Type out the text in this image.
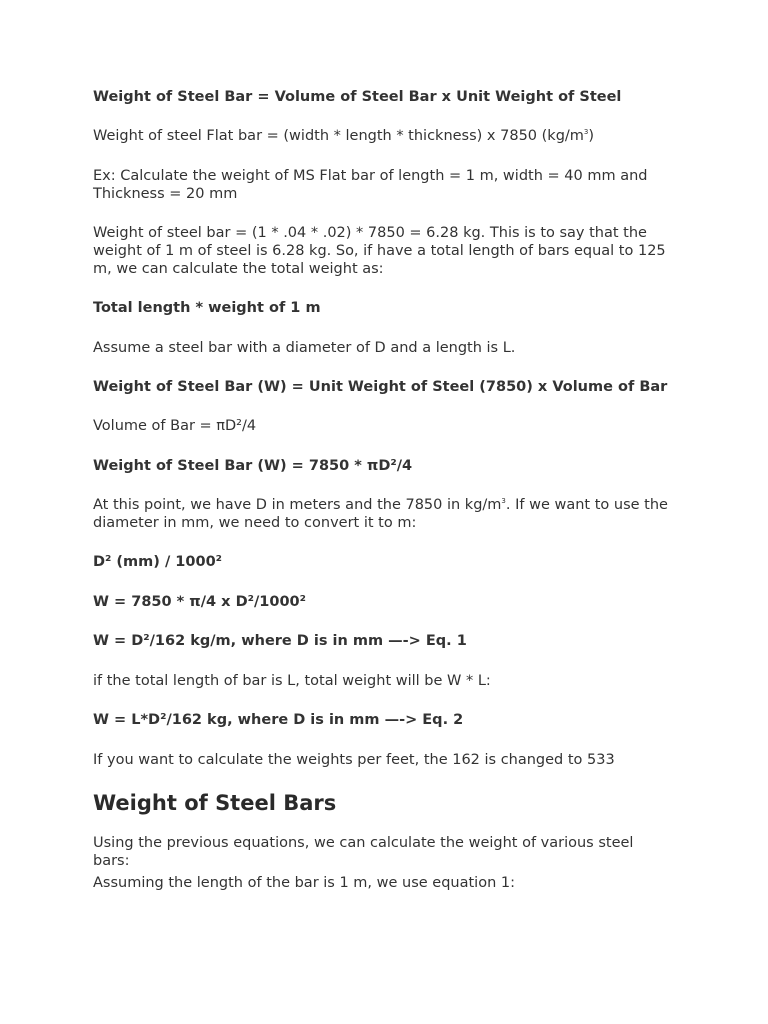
Weight of Steel Bar = Volume of Steel Bar x Unit Weight of Steel

Weight of steel Flat bar = (width * length * thickness) x 7850 $(kg/m^3)$

Ex: Calculate the weight of MS Flat bar of length = 1 m, width = 40 mm and Thickness = 20 mm

Weight of steel bar = (1 * .04 * .02) * 7850 = 6.28 kg. This is to say that the weight of 1 m of steel is 6.28 kg. So, if have a total length of bars equal to 125 m, we can calculate the total weight as:

Total length * weight of 1 m

Assume a steel bar with a diameter of D and a length is L.

Weight of Steel Bar (W) = Unit Weight of Steel (7850) x Volume of Bar

Volume of Bar = πD²/4

Weight of Steel Bar (W) = 7850 * πD²/4

At this point, we have D in meters and the 7850 in $kg/m^3$. If we want to use the diameter in mm, we need to convert it to m:

D² (mm) / 1000²

W = 7850 * π/4 x D²/1000²

W = D²/162 kg/m, where D is in mm —-> Eq. 1

if the total length of bar is L, total weight will be W * L:

W = L*D²/162 kg, where D is in mm —-> Eq. 2

If you want to calculate the weights per feet, the 162 is changed to 533

Weight of Steel Bars

Using the previous equations, we can calculate the weight of various steel bars:

Assuming the length of the bar is 1 m, we use equation 1:
